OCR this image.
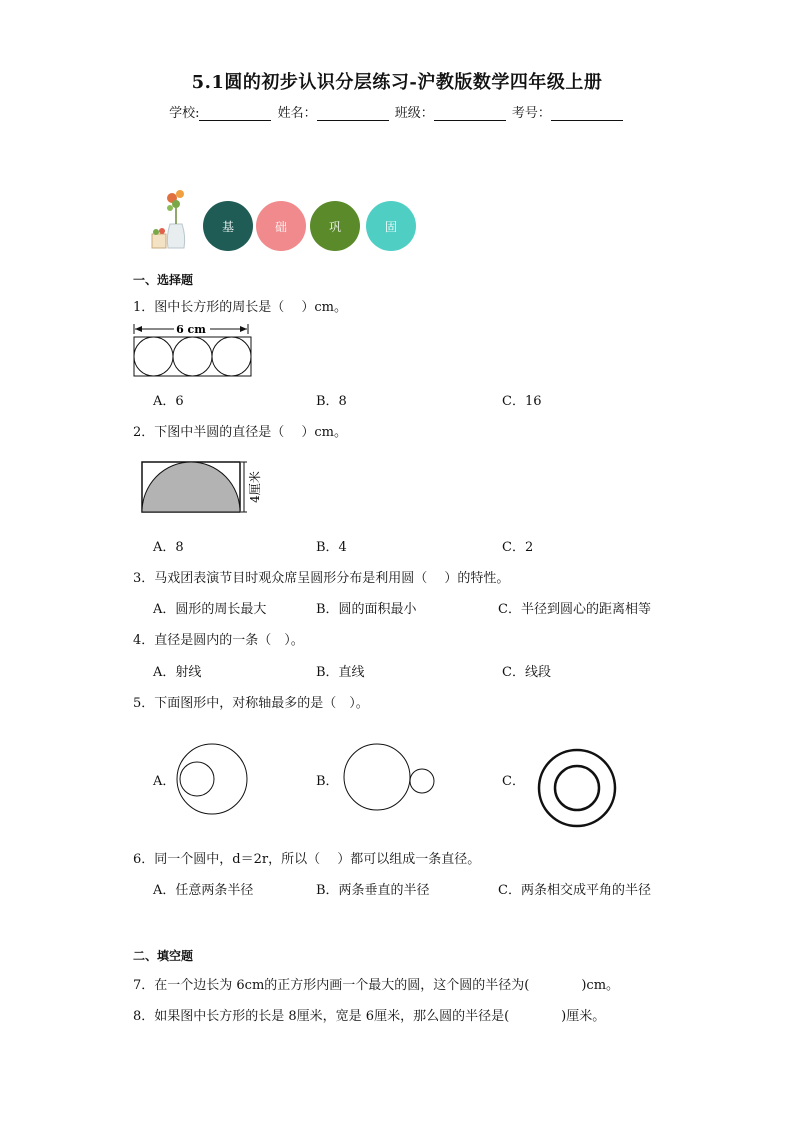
5.1圆的初步认识分层练习-沪教版数学四年级上册
学校:	姓名：	班级：	考号：
基	础	巩	固
一、选择题
1．图中长方形的周长是（　 ）cm。
6 cm
A．6	B．8	C．16
2．下图中半圆的直径是（　 ）cm。
4厘米
A．8	B．4	C．2
3．马戏团表演节目时观众席呈圆形分布是利用圆（　 ）的特性。
A．圆形的周长最大	B．圆的面积最小	C．半径到圆心的距离相等
4．直径是圆内的一条（　）。
A．射线	B．直线	C．线段
5．下面图形中，对称轴最多的是（　）。
A．	B．	C．
6．同一个圆中，d＝2r，所以（　 ）都可以组成一条直径。
A．任意两条半径	B．两条垂直的半径	C．两条相交成平角的半径
二、填空题
7．在一个边长为 6cm的正方形内画一个最大的圆，这个圆的半径为(　　　　)cm。
8．如果图中长方形的长是 8厘米，宽是 6厘米，那么圆的半径是(　　　　)厘米。
